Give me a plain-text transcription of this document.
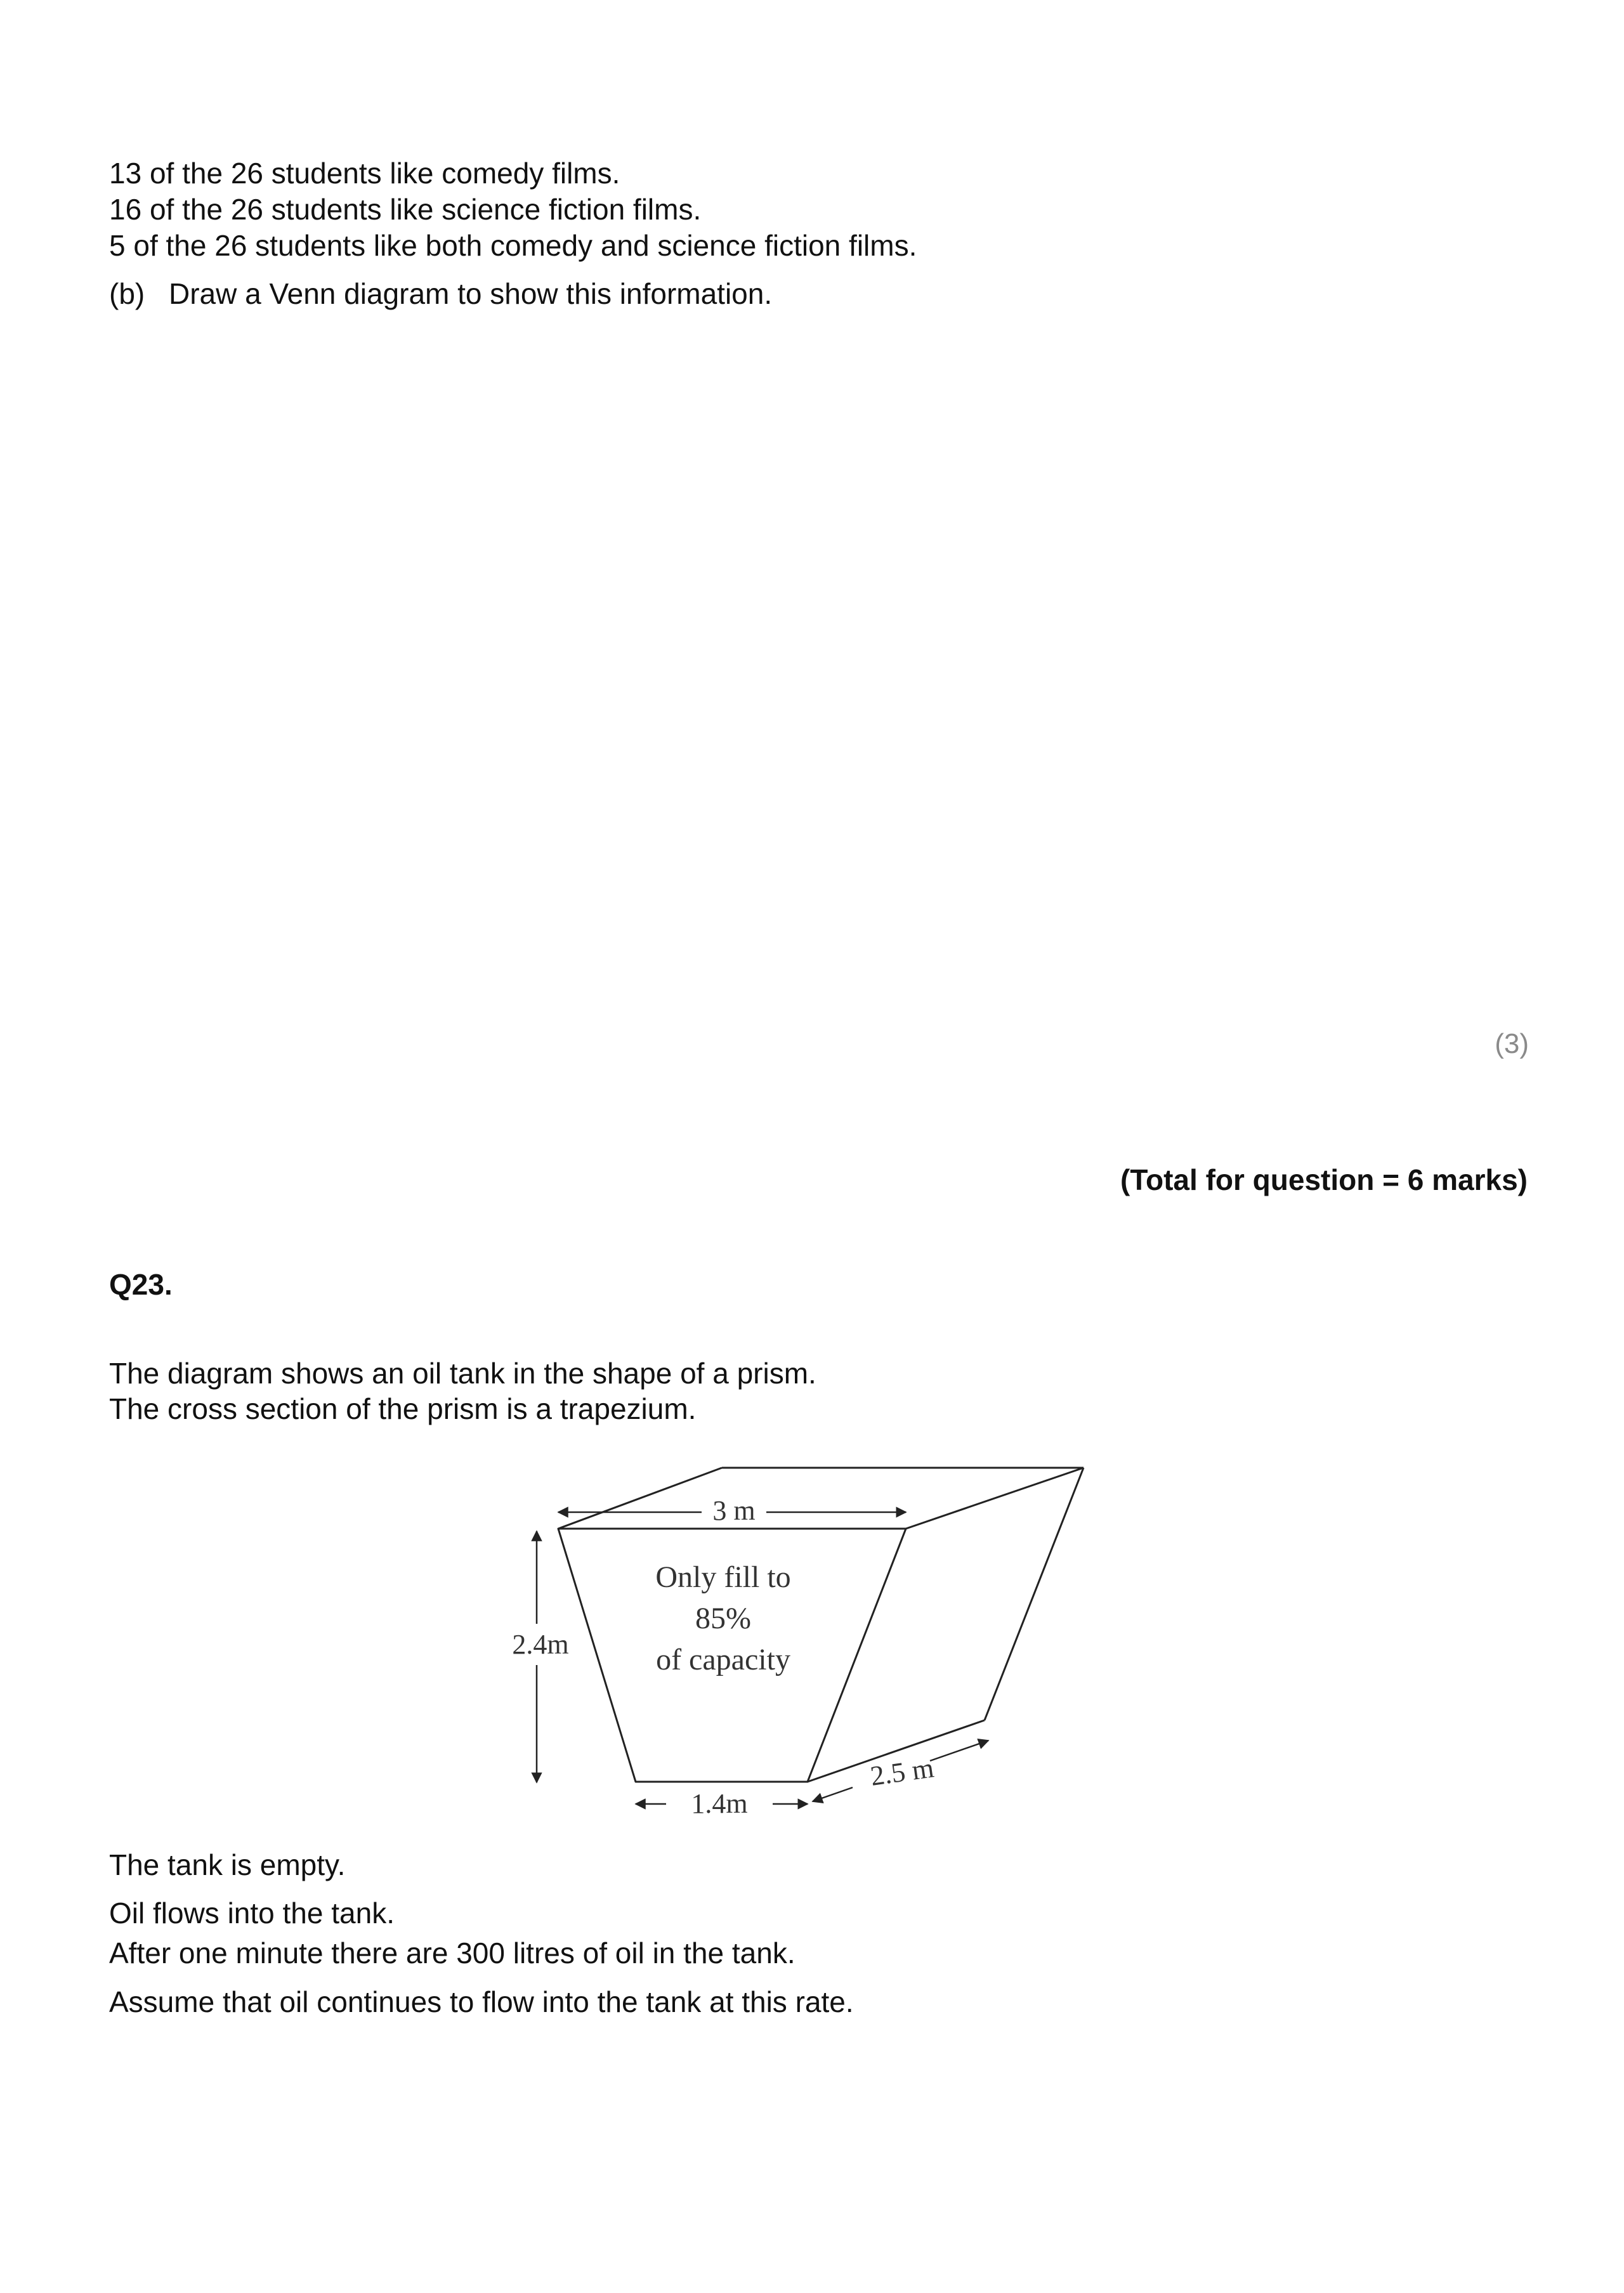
13 of the 26 students like comedy films.
16 of the 26 students like science fiction films.
5 of the 26 students like both comedy and science fiction films.
(b) Draw a Venn diagram to show this information.
(3)
(Total for question = 6 marks)
Q23.
The diagram shows an oil tank in the shape of a prism.
The cross section of the prism is a trapezium.
3 m
2.4m
1.4m
2.5 m
Only fill to
85%
of capacity
The tank is empty.
Oil flows into the tank.
After one minute there are 300 litres of oil in the tank.
Assume that oil continues to flow into the tank at this rate.
